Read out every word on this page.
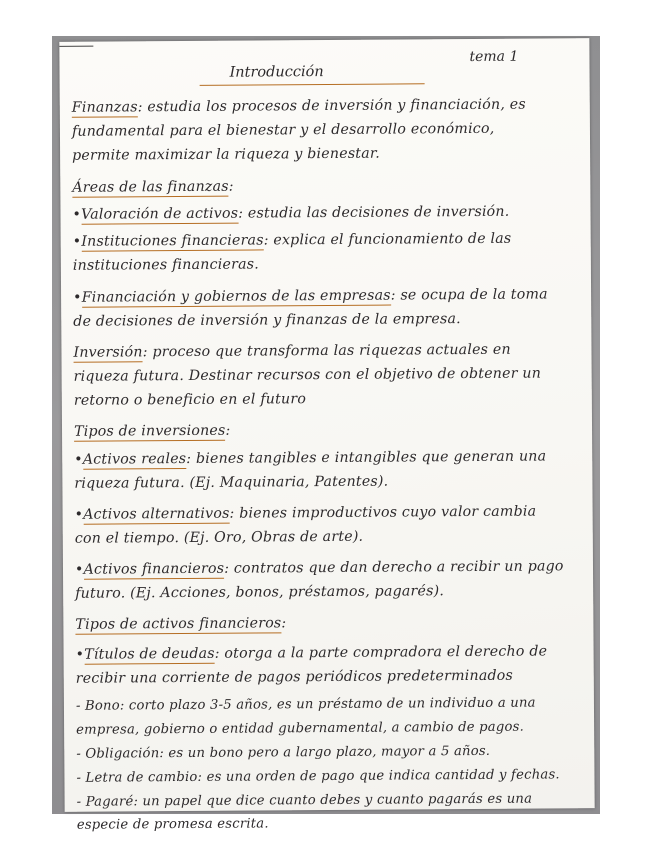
tema 1
Introducción
Finanzas: estudia los procesos de inversión y financiación, es
fundamental para el bienestar y el desarrollo económico,
permite maximizar la riqueza y bienestar.
Áreas de las finanzas:
•Valoración de activos: estudia las decisiones de inversión.
•Instituciones financieras: explica el funcionamiento de las
instituciones financieras.
•Financiación y gobiernos de las empresas: se ocupa de la toma
de decisiones de inversión y finanzas de la empresa.
Inversión: proceso que transforma las riquezas actuales en
riqueza futura. Destinar recursos con el objetivo de obtener un
retorno o beneficio en el futuro
Tipos de inversiones:
•Activos reales: bienes tangibles e intangibles que generan una
riqueza futura. (Ej. Maquinaria, Patentes).
•Activos alternativos: bienes improductivos cuyo valor cambia
con el tiempo. (Ej. Oro, Obras de arte).
•Activos financieros: contratos que dan derecho a recibir un pago
futuro. (Ej. Acciones, bonos, préstamos, pagarés).
Tipos de activos financieros:
•Títulos de deudas: otorga a la parte compradora el derecho de
recibir una corriente de pagos periódicos predeterminados
- Bono: corto plazo 3-5 años, es un préstamo de un individuo a una
empresa, gobierno o entidad gubernamental, a cambio de pagos.
- Obligación: es un bono pero a largo plazo, mayor a 5 años.
- Letra de cambio: es una orden de pago que indica cantidad y fechas.
- Pagaré: un papel que dice cuanto debes y cuanto pagarás es una
especie de promesa escrita.
